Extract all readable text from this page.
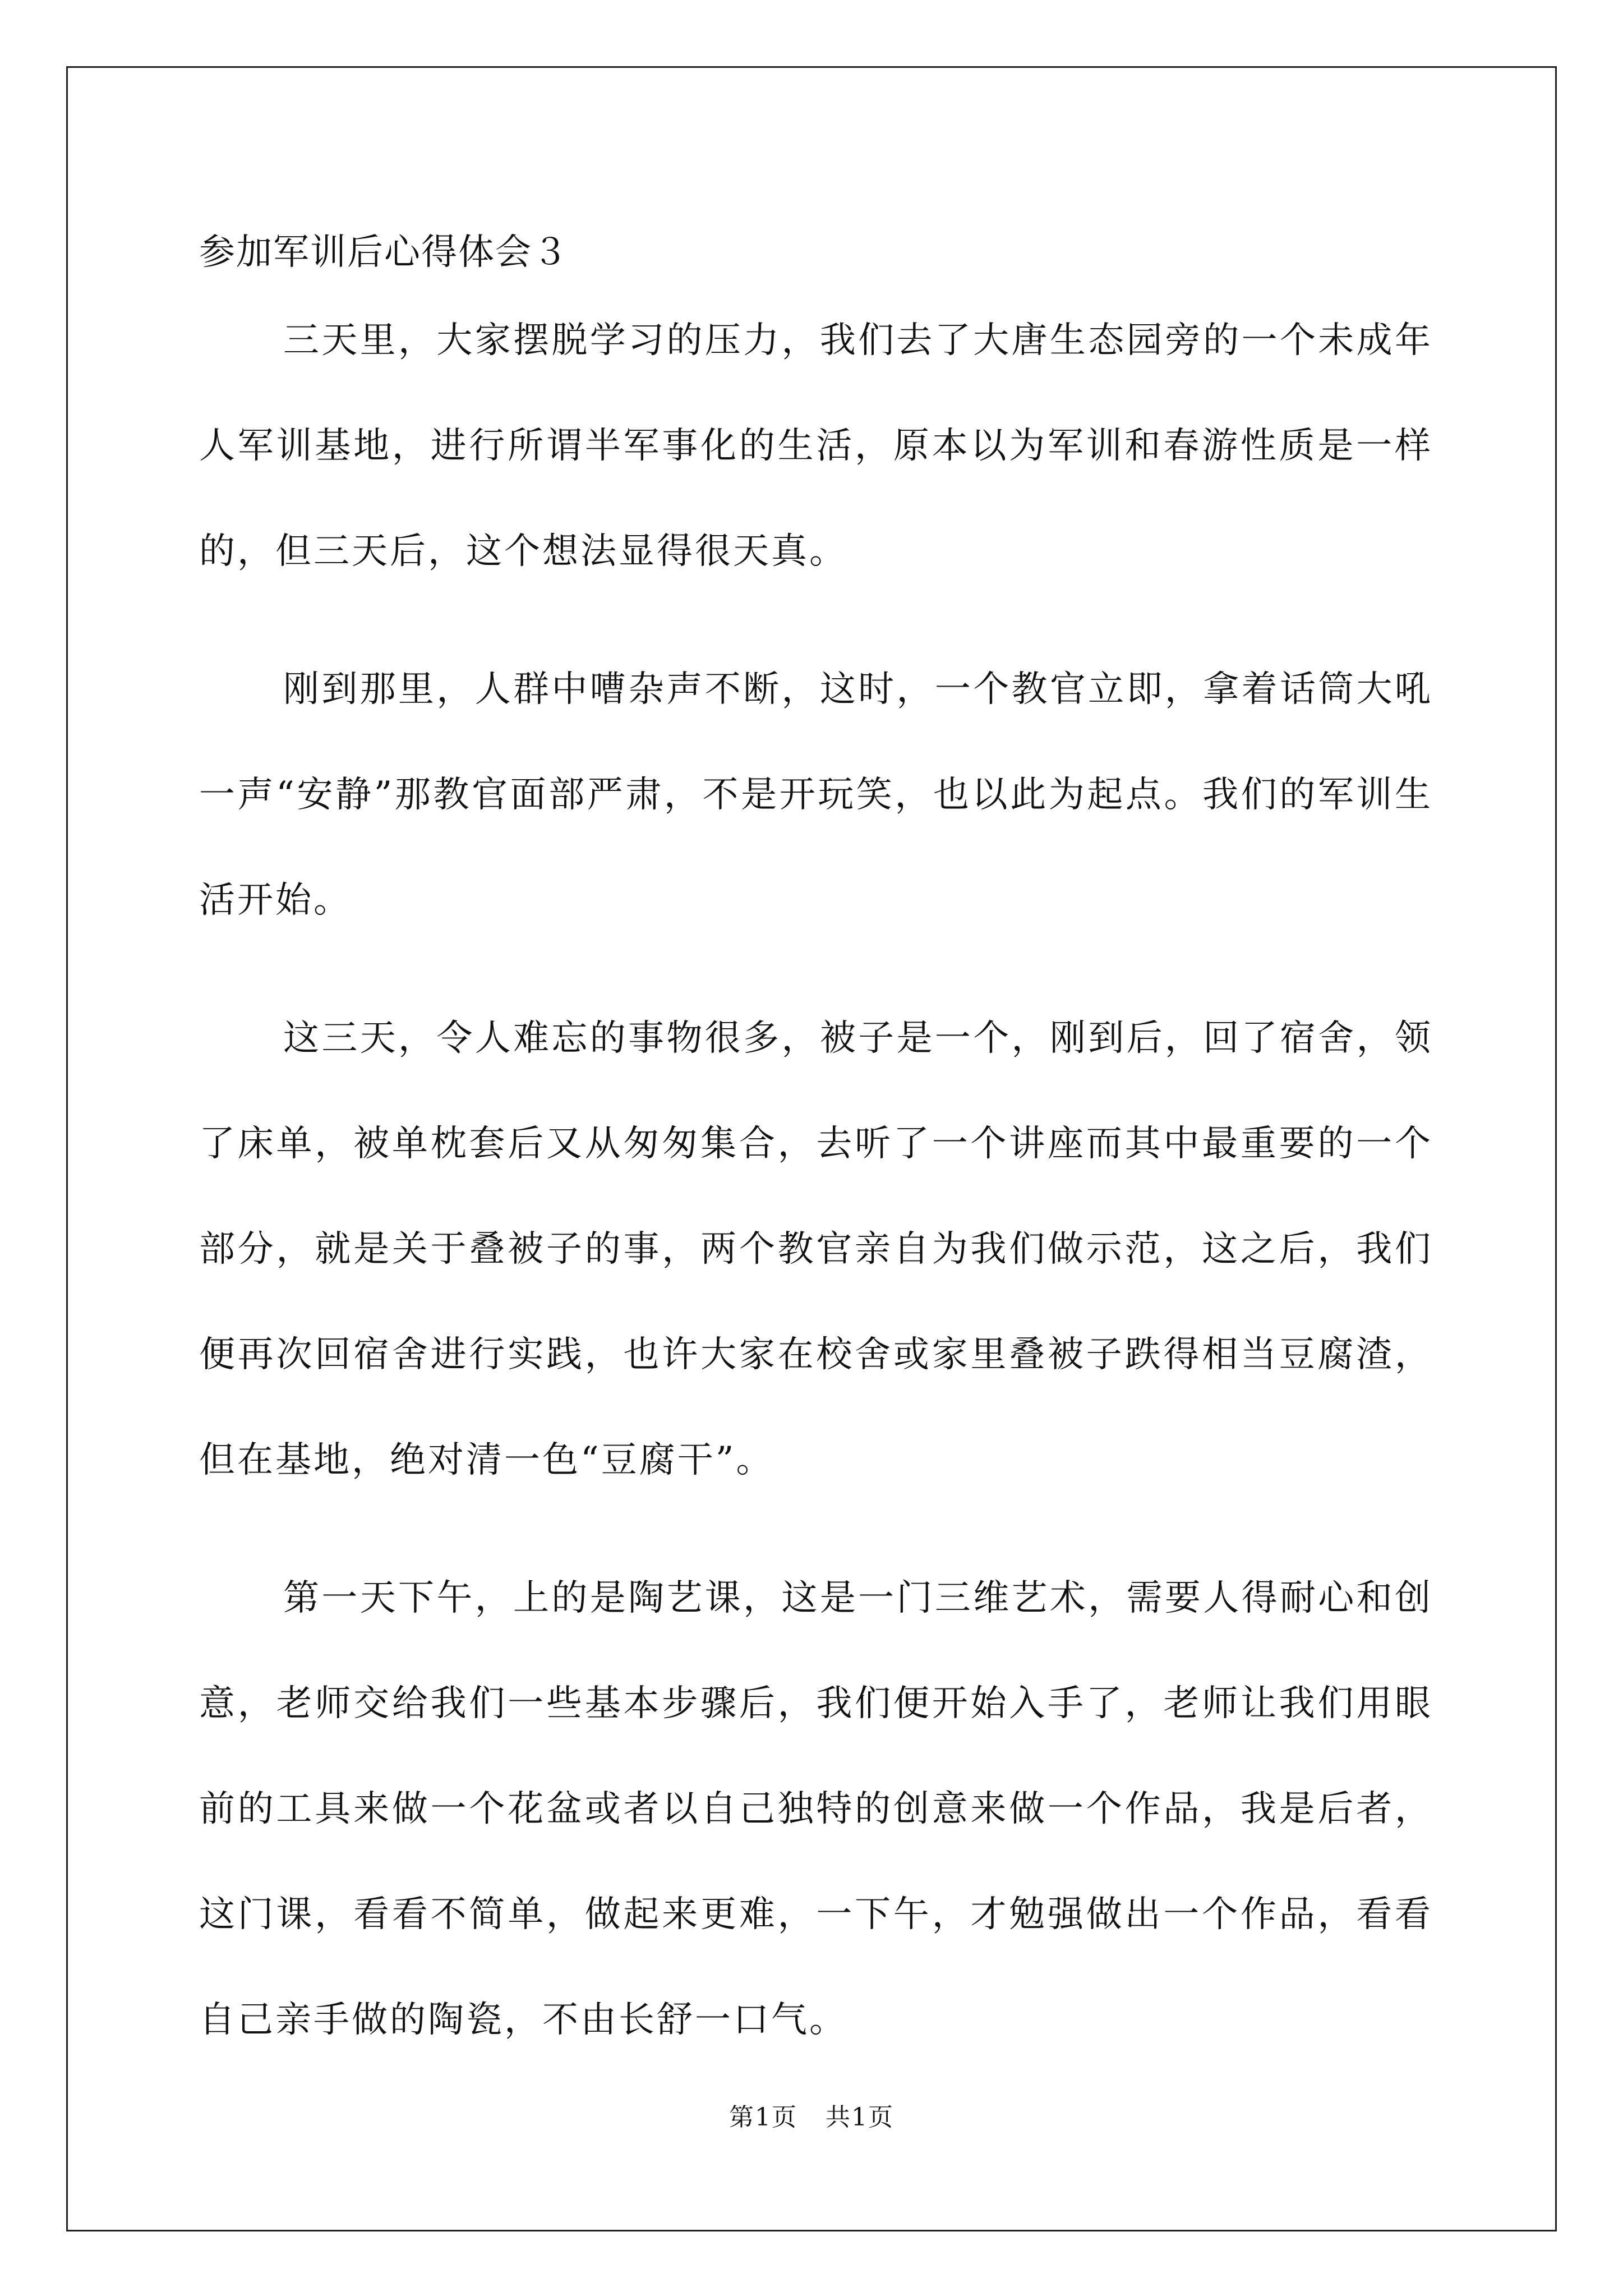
参加军训后心得体会３

三天里，大家摆脱学习的压力，我们去了大唐生态园旁的一个未成年人军训基地，进行所谓半军事化的生活，原本以为军训和春游性质是一样的，但三天后，这个想法显得很天真。

刚到那里，人群中嘈杂声不断，这时，一个教官立即，拿着话筒大吼一声“安静”那教官面部严肃，不是开玩笑，也以此为起点。我们的军训生活开始。

这三天，令人难忘的事物很多，被子是一个，刚到后，回了宿舍，领了床单，被单枕套后又从匆匆集合，去听了一个讲座而其中最重要的一个部分，就是关于叠被子的事，两个教官亲自为我们做示范，这之后，我们便再次回宿舍进行实践，也许大家在校舍或家里叠被子跌得相当豆腐渣，但在基地，绝对清一色“豆腐干”。

第一天下午，上的是陶艺课，这是一门三维艺术，需要人得耐心和创意，老师交给我们一些基本步骤后，我们便开始入手了，老师让我们用眼前的工具来做一个花盆或者以自己独特的创意来做一个作品，我是后者，这门课，看看不简单，做起来更难，一下午，才勉强做出一个作品，看看自己亲手做的陶瓷，不由长舒一口气。

第1页 共1页
